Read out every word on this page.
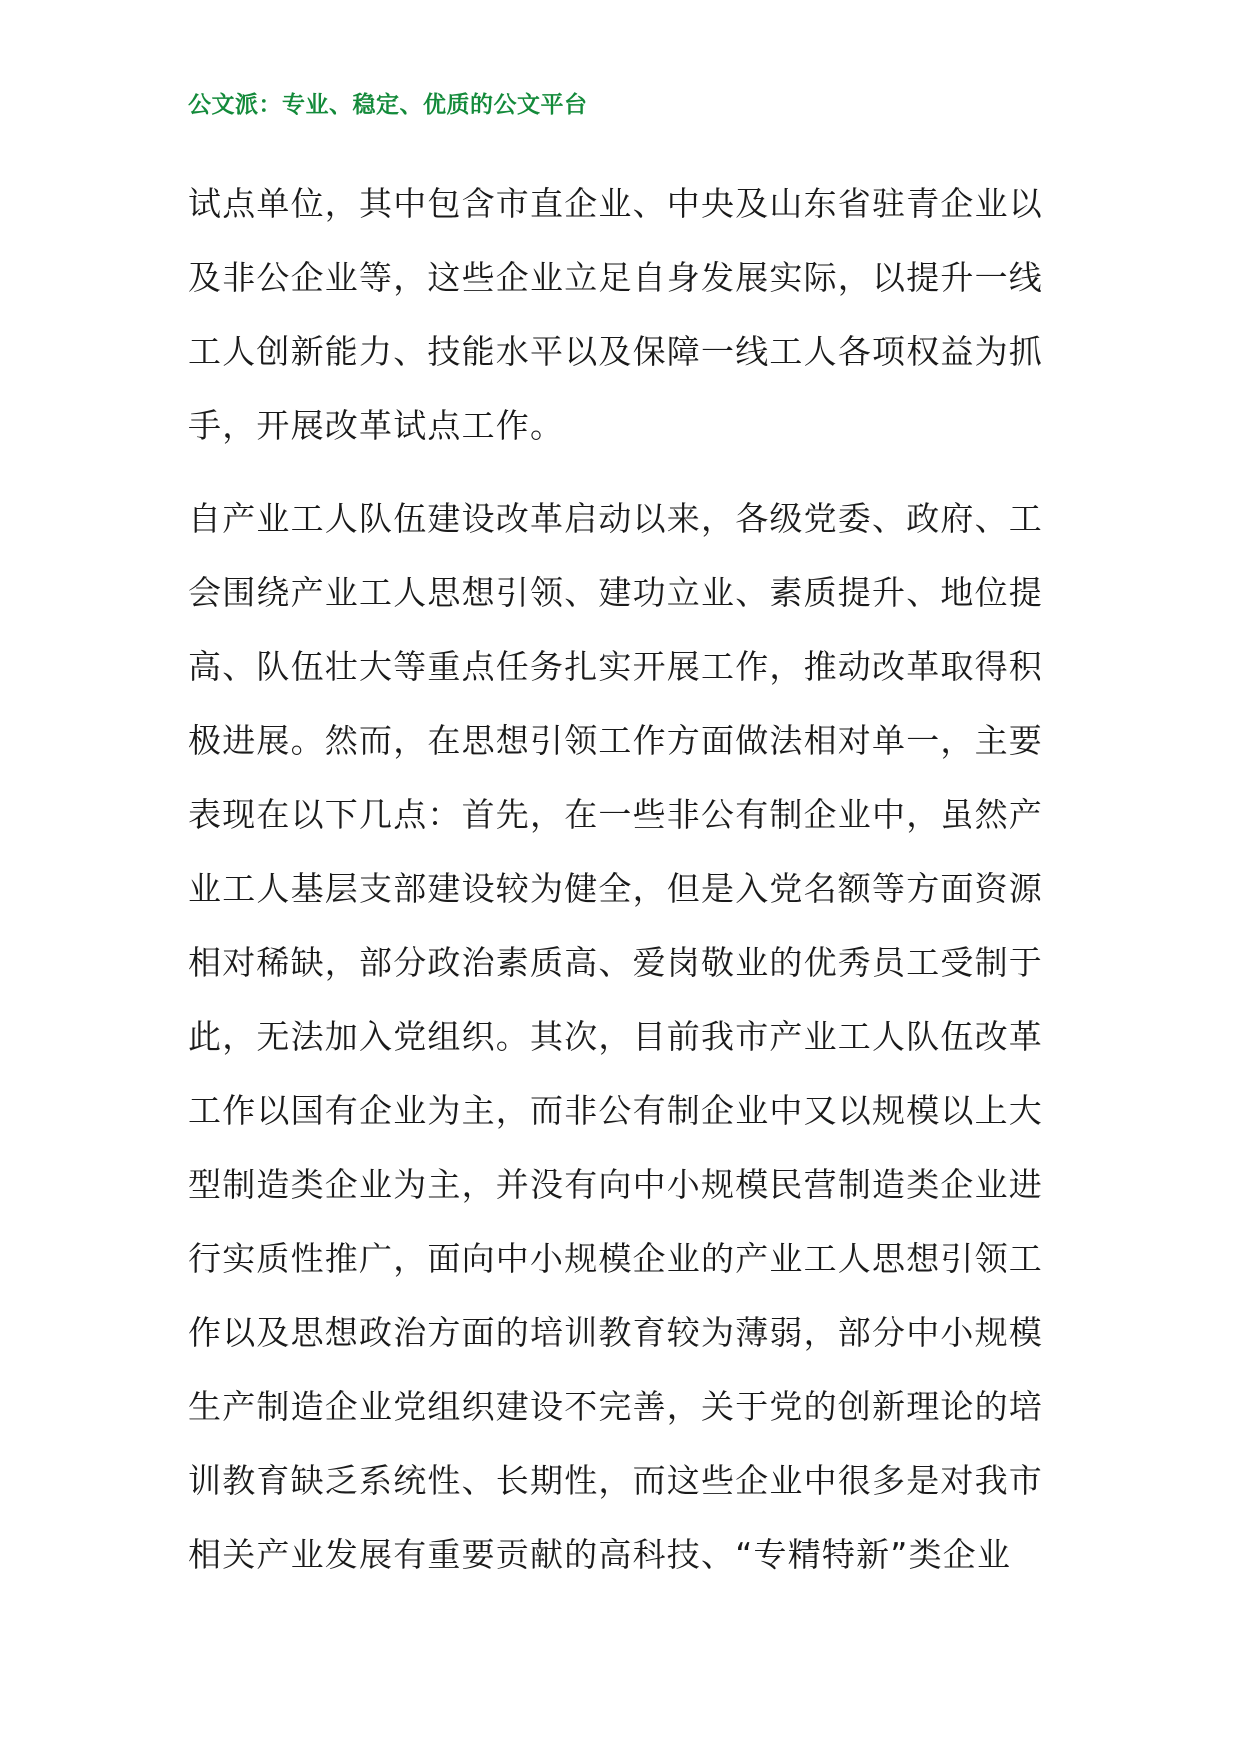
公文派：专业、稳定、优质的公文平台
试点单位，其中包含市直企业、中央及山东省驻青企业以
及非公企业等，这些企业立足自身发展实际，以提升一线
工人创新能力、技能水平以及保障一线工人各项权益为抓
手，开展改革试点工作。
自产业工人队伍建设改革启动以来，各级党委、政府、工
会围绕产业工人思想引领、建功立业、素质提升、地位提
高、队伍壮大等重点任务扎实开展工作，推动改革取得积
极进展。然而，在思想引领工作方面做法相对单一，主要
表现在以下几点：首先，在一些非公有制企业中，虽然产
业工人基层支部建设较为健全，但是入党名额等方面资源
相对稀缺，部分政治素质高、爱岗敬业的优秀员工受制于
此，无法加入党组织。其次，目前我市产业工人队伍改革
工作以国有企业为主，而非公有制企业中又以规模以上大
型制造类企业为主，并没有向中小规模民营制造类企业进
行实质性推广，面向中小规模企业的产业工人思想引领工
作以及思想政治方面的培训教育较为薄弱，部分中小规模
生产制造企业党组织建设不完善，关于党的创新理论的培
训教育缺乏系统性、长期性，而这些企业中很多是对我市
相关产业发展有重要贡献的高科技、“专精特新”类企业
